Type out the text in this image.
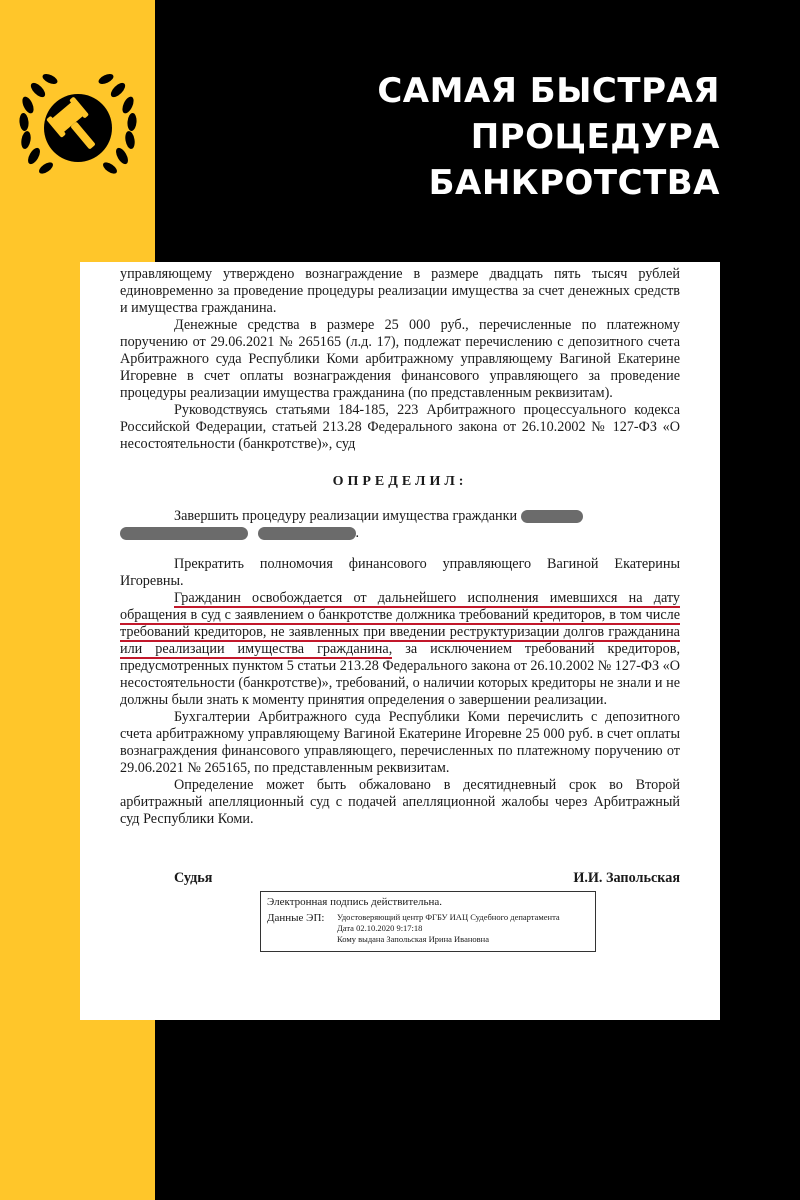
САМАЯ БЫСТРАЯ
ПРОЦЕДУРА
БАНКРОТСТВА

управляющему утверждено вознаграждение в размере двадцать пять тысяч рублей единовременно за проведение процедуры реализации имущества за счет денежных средств и имущества гражданина.

Денежные средства в размере 25 000 руб., перечисленные по платежному поручению от 29.06.2021 № 265165 (л.д. 17), подлежат перечислению с депозитного счета Арбитражного суда Республики Коми арбитражному управляющему Вагиной Екатерине Игоревне в счет оплаты вознаграждения финансового управляющего за проведение процедуры реализации имущества гражданина (по представленным реквизитам).

Руководствуясь статьями 184-185, 223 Арбитражного процессуального кодекса Российской Федерации, статьей 213.28 Федерального закона от 26.10.2002 № 127-ФЗ «О несостоятельности (банкротстве)», суд

ОПРЕДЕЛИЛ:

Завершить процедуру реализации имущества гражданки
.

Прекратить полномочия финансового управляющего Вагиной Екатерины Игоревны.

Гражданин освобождается от дальнейшего исполнения имевшихся на дату обращения в суд с заявлением о банкротстве должника требований кредиторов, в том числе требований кредиторов, не заявленных при введении реструктуризации долгов гражданина или реализации имущества гражданина, за исключением требований кредиторов, предусмотренных пунктом 5 статьи 213.28 Федерального закона от 26.10.2002 № 127-ФЗ «О несостоятельности (банкротстве)», требований, о наличии которых кредиторы не знали и не должны были знать к моменту принятия определения о завершении реализации.

Бухгалтерии Арбитражного суда Республики Коми перечислить с депозитного счета арбитражному управляющему Вагиной Екатерине Игоревне 25 000 руб. в счет оплаты вознаграждения финансового управляющего, перечисленных по платежному поручению от 29.06.2021 № 265165, по представленным реквизитам.

Определение может быть обжаловано в десятидневный срок во Второй арбитражный апелляционный суд с подачей апелляционной жалобы через Арбитражный суд Республики Коми.

Судья	И.И. Запольская
Электронная подпись действительна.
Данные ЭП:	Удостоверяющий центр ФГБУ ИАЦ Судебного департамента
Дата 02.10.2020 9:17:18
Кому выдана Запольская Ирина Ивановна
